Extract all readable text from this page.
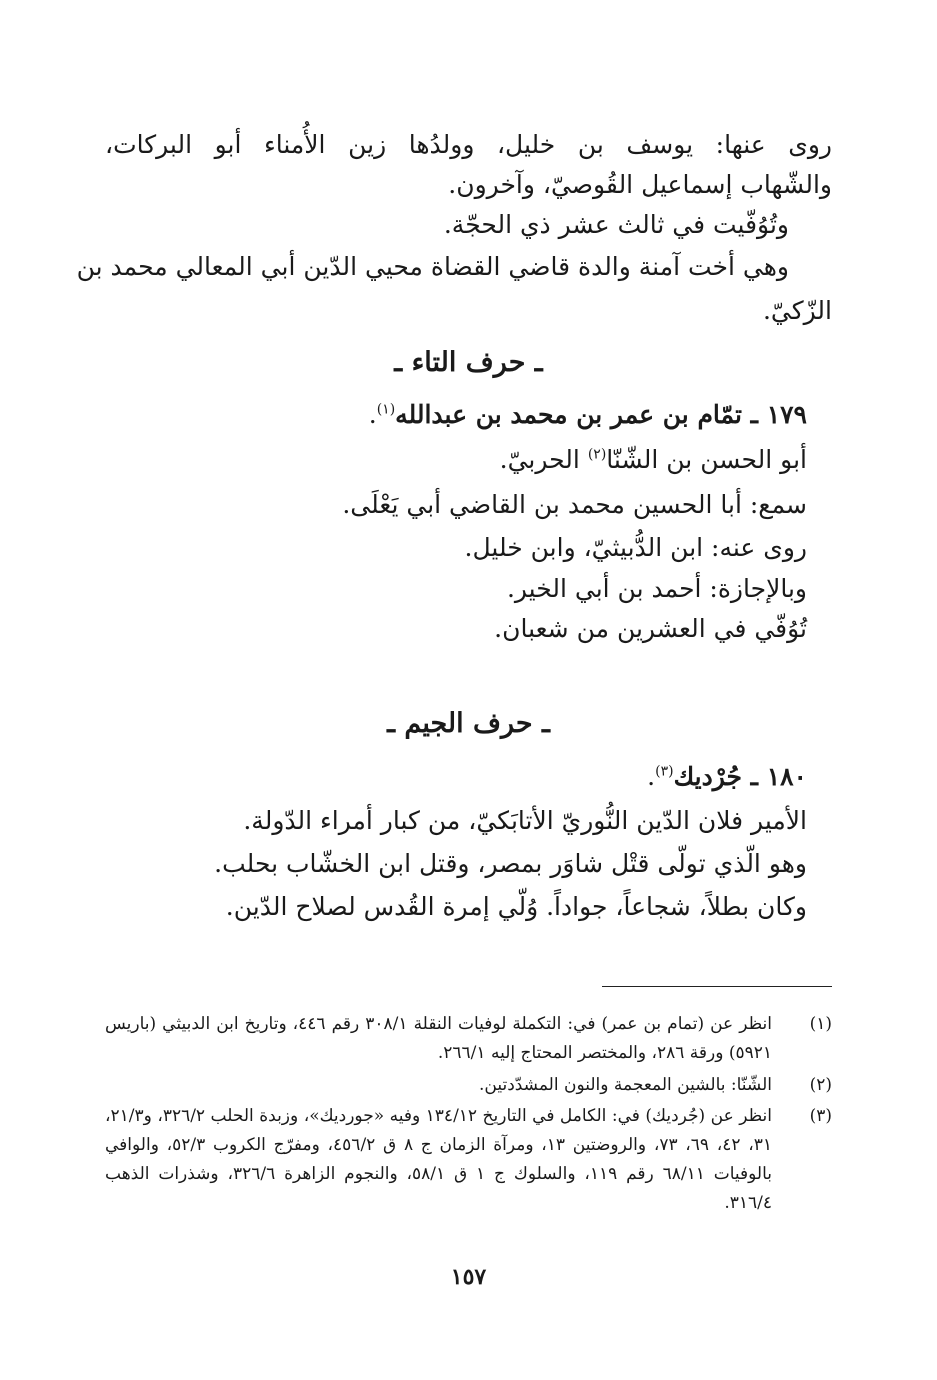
روى عنها: يوسف بن خليل، وولدُها زين الأُمناء أبو البركات،
والشّهاب إسماعيل القُوصيّ، وآخرون.
وتُوُفّيت في ثالث عشر ذي الحجّة.
وهي أخت آمنة والدة قاضي القضاة محيي الدّين أبي المعالي محمد بن
الزّكيّ.
ـ حرف التاء ـ
١٧٩ ـ تمّام بن عمر بن محمد بن عبدالله$^{(١)}$.
أبو الحسن بن الشّنّا$^{(٢)}$ الحربيّ.
سمع: أبا الحسين محمد بن القاضي أبي يَعْلَى.
روى عنه: ابن الدُّبيثيّ، وابن خليل.
وبالإجازة: أحمد بن أبي الخير.
تُوُفّي في العشرين من شعبان.
ـ حرف الجيم ـ
١٨٠ ـ جُرْديك$^{(٣)}$.
الأمير فلان الدّين النُّوريّ الأتابَكيّ، من كبار أمراء الدّولة.
وهو الّذي تولّى قتْل شاوَر بمصر، وقتل ابن الخشّاب بحلب.
وكان بطلاً، شجاعاً، جواداً. وُلّي إمرة القُدس لصلاح الدّين.
(١)
انظر عن (تمام بن عمر) في: التكملة لوفيات النقلة ٣٠٨/١ رقم ٤٤٦، وتاريخ ابن الدبيثي (باريس ٥٩٢١) ورقة ٢٨٦، والمختصر المحتاج إليه ٢٦٦/١.
(٢)
الشّنّا: بالشين المعجمة والنون المشدّدتين.
(٣)
انظر عن (جُرديك) في: الكامل في التاريخ ١٣٤/١٢ وفيه «جورديك»، وزبدة الحلب ٣٢٦/٢، و٢١/٣، ٣١، ٤٢، ٦٩، ٧٣، والروضتين ١٣، ومرآة الزمان ج ٨ ق ٤٥٦/٢، ومفرّج الكروب ٥٢/٣، والوافي بالوفيات ٦٨/١١ رقم ١١٩، والسلوك ج ١ ق ٥٨/١، والنجوم الزاهرة ٣٢٦/٦، وشذرات الذهب ٣١٦/٤.
١٥٧
